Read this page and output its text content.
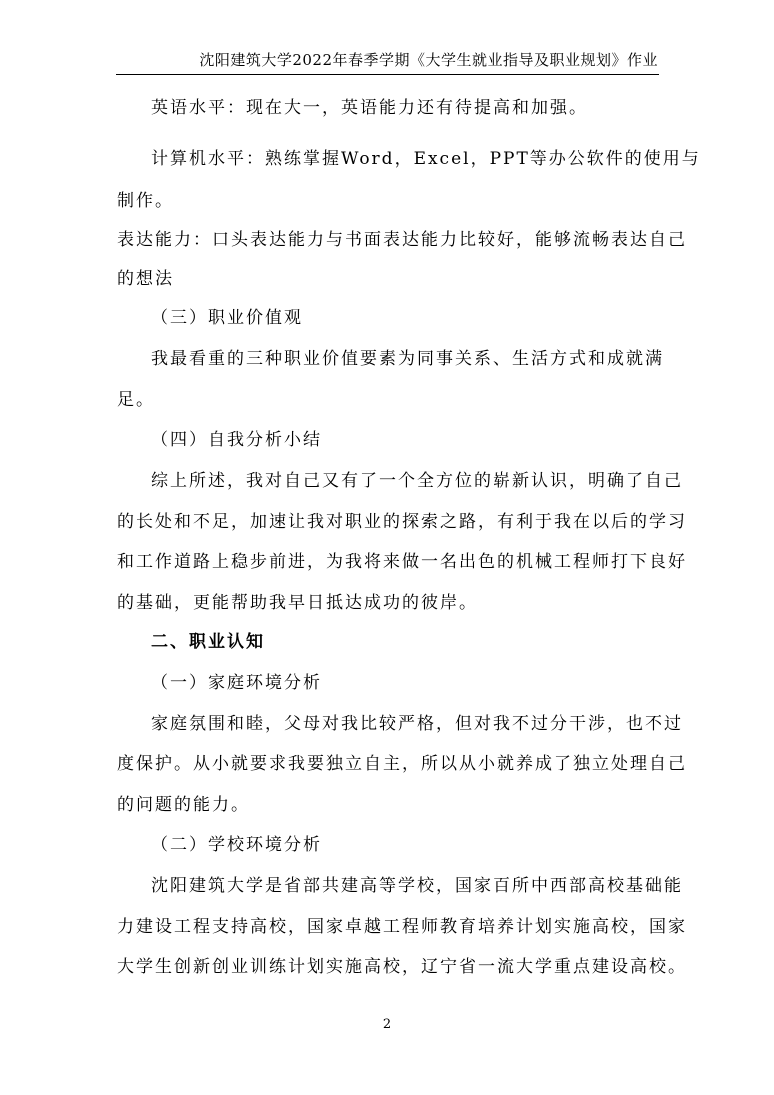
沈阳建筑大学2022年春季学期《大学生就业指导及职业规划》作业
英语水平：现在大一，英语能力还有待提高和加强。
计算机水平：熟练掌握Word，Excel，PPT等办公软件的使用与
制作。
表达能力：口头表达能力与书面表达能力比较好，能够流畅表达自己
的想法
（三）职业价值观
我最看重的三种职业价值要素为同事关系、生活方式和成就满
足。
（四）自我分析小结
综上所述，我对自己又有了一个全方位的崭新认识，明确了自己
的长处和不足，加速让我对职业的探索之路，有利于我在以后的学习
和工作道路上稳步前进，为我将来做一名出色的机械工程师打下良好
的基础，更能帮助我早日抵达成功的彼岸。
二、职业认知
（一）家庭环境分析
家庭氛围和睦，父母对我比较严格，但对我不过分干涉，也不过
度保护。从小就要求我要独立自主，所以从小就养成了独立处理自己
的问题的能力。
（二）学校环境分析
沈阳建筑大学是省部共建高等学校，国家百所中西部高校基础能
力建设工程支持高校，国家卓越工程师教育培养计划实施高校，国家
大学生创新创业训练计划实施高校，辽宁省一流大学重点建设高校。
2
